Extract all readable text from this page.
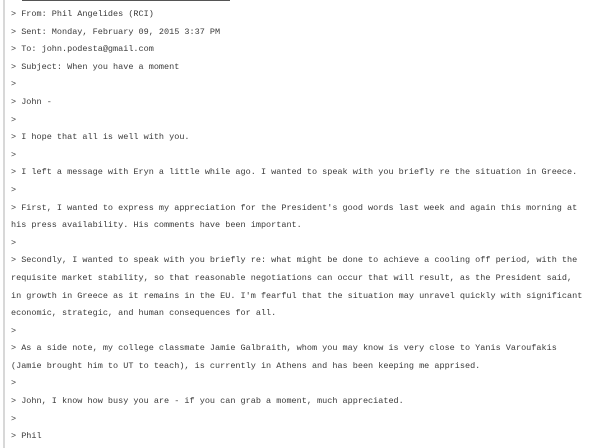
> From: Phil Angelides (RCI)
> Sent: Monday, February 09, 2015 3:37 PM
> To: john.podesta@gmail.com
> Subject: When you have a moment
>
> John -
>
> I hope that all is well with you.
>
> I left a message with Eryn a little while ago. I wanted to speak with you briefly re the situation in Greece.
>
> First, I wanted to express my appreciation for the President's good words last week and again this morning at
his press availability. His comments have been important.
>
> Secondly, I wanted to speak with you briefly re: what might be done to achieve a cooling off period, with the
requisite market stability, so that reasonable negotiations can occur that will result, as the President said,
in growth in Greece as it remains in the EU. I'm fearful that the situation may unravel quickly with significant
economic, strategic, and human consequences for all.
>
> As a side note, my college classmate Jamie Galbraith, whom you may know is very close to Yanis Varoufakis
(Jamie brought him to UT to teach), is currently in Athens and has been keeping me apprised.
>
> John, I know how busy you are - if you can grab a moment, much appreciated.
>
> Phil
